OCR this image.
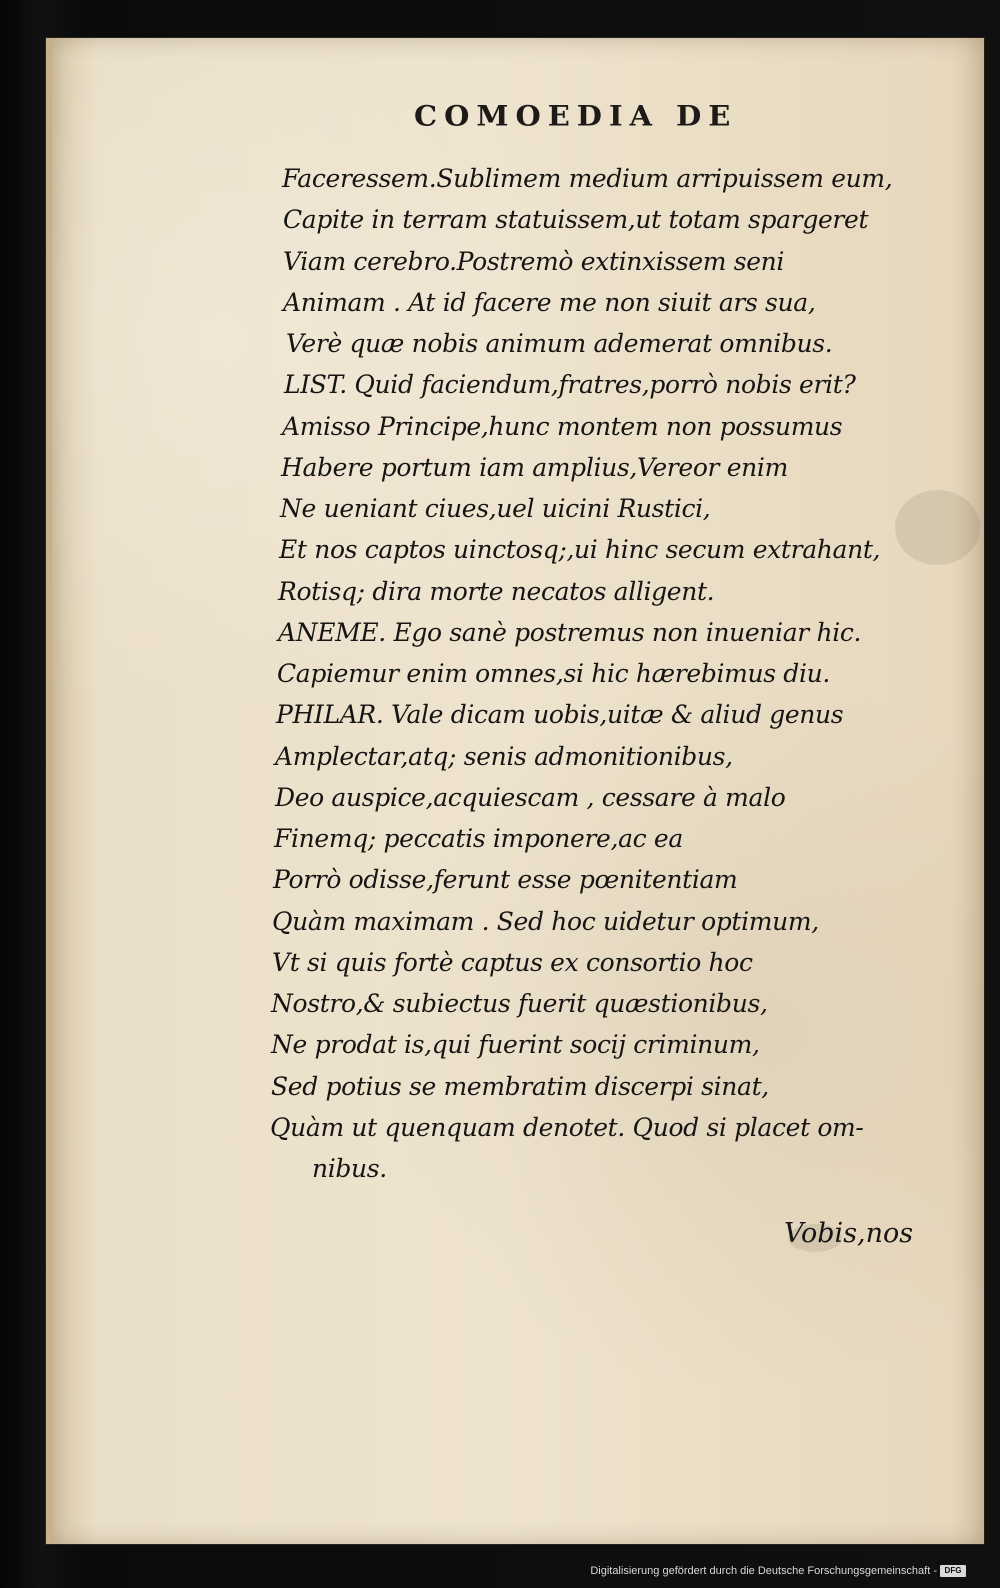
COMOEDIA DE
Faceressem.Sublimem medium arripuissem eum,
Capite in terram statuissem,ut totam spargeret
Viam cerebro.Postremò extinxissem seni
Animam . At id facere me non siuit ars sua,
Verè quæ nobis animum ademerat omnibus.
LIST. Quid faciendum,fratres,porrò nobis erit?
Amisso Principe,hunc montem non possumus
Habere portum iam amplius,Vereor enim
Ne ueniant ciues,uel uicini Rustici,
Et nos captos uinctosq;,ui hinc secum extrahant,
Rotisq; dira morte necatos alligent.
ANEME. Ego sanè postremus non inueniar hic.
Capiemur enim omnes,si hic hærebimus diu.
PHILAR. Vale dicam uobis,uitæ & aliud genus
Amplectar,atq; senis admonitionibus,
Deo auspice,acquiescam , cessare à malo
Finemq; peccatis imponere,ac ea
Porrò odisse,ferunt esse pœnitentiam
Quàm maximam . Sed hoc uidetur optimum,
Vt si quis fortè captus ex consortio hoc
Nostro,& subiectus fuerit quæstionibus,
Ne prodat is,qui fuerint socij criminum,
Sed potius se membratim discerpi sinat,
Quàm ut quenquam denotet. Quod si placet om-
nibus.
Vobis,nos
Digitalisierung gefördert durch die Deutsche Forschungsgemeinschaft - DFG
